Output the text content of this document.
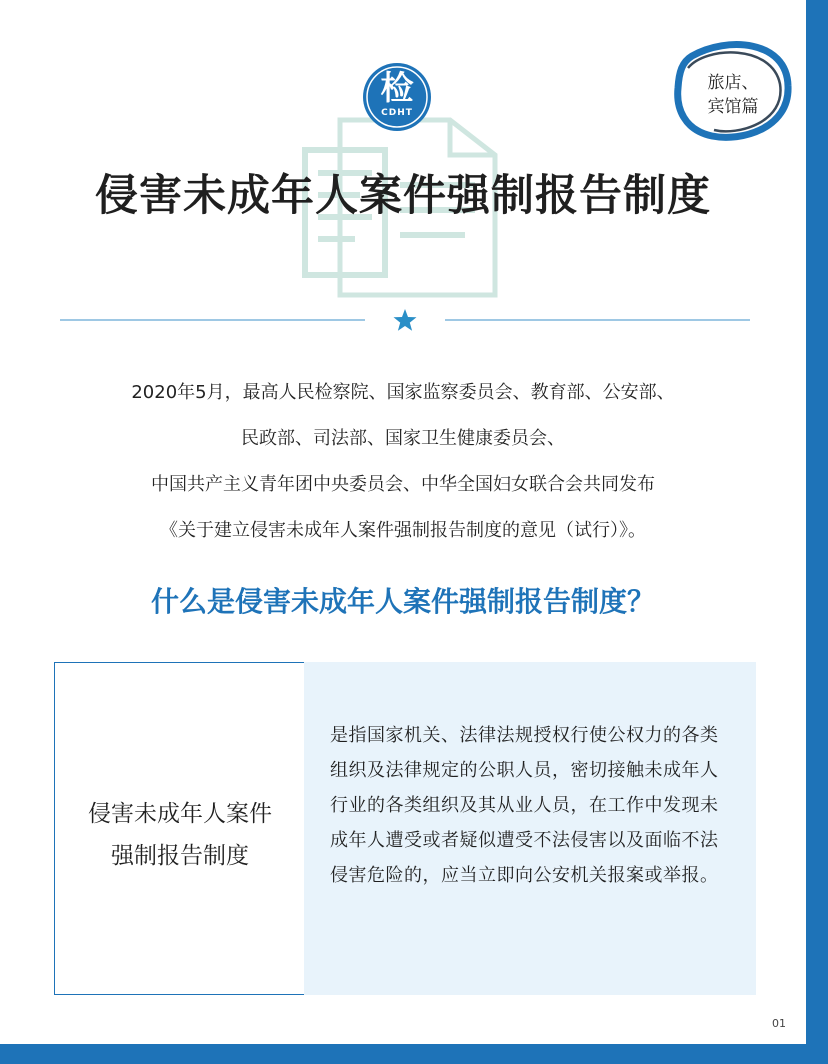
检
CDHT
旅店、
宾馆篇
侵害未成年人案件强制报告制度
2020年5月，最高人民检察院、国家监察委员会、教育部、公安部、
民政部、司法部、国家卫生健康委员会、
中国共产主义青年团中央委员会、中华全国妇女联合会共同发布
《关于建立侵害未成年人案件强制报告制度的意见（试行）》。
什么是侵害未成年人案件强制报告制度？
侵害未成年人案件
强制报告制度
是指国家机关、法律法规授权行使公权力的各类组织及法律规定的公职人员，密切接触未成年人行业的各类组织及其从业人员，在工作中发现未成年人遭受或者疑似遭受不法侵害以及面临不法侵害危险的，应当立即向公安机关报案或举报。
01
